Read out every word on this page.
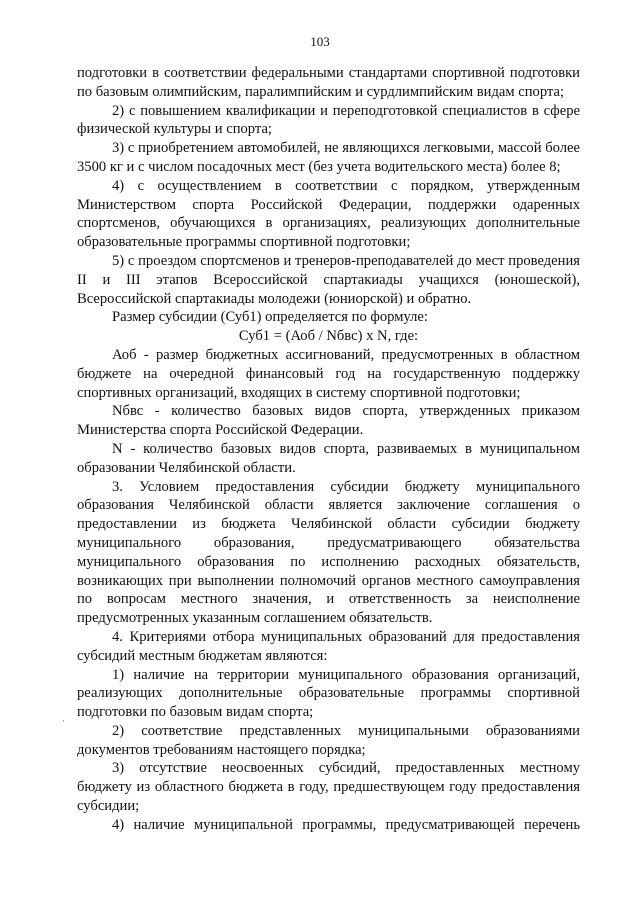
103
·

подготовки в соответствии федеральными стандартами спортивной подготовки по базовым олимпийским, паралимпийским и сурдлимпийским видам спорта;

2) с повышением квалификации и переподготовкой специалистов в сфере физической культуры и спорта;

3) с приобретением автомобилей, не являющихся легковыми, массой более 3500 кг и с числом посадочных мест (без учета водительского места) более 8;

4) с осуществлением в соответствии с порядком, утвержденным Министерством спорта Российской Федерации, поддержки одаренных спортсменов, обучающихся в организациях, реализующих дополнительные образовательные программы спортивной подготовки;

5) с проездом спортсменов и тренеров-преподавателей до мест проведения II и III этапов Всероссийской спартакиады учащихся (юношеской), Всероссийской спартакиады молодежи (юниорской) и обратно.

Размер субсидии (Суб1) определяется по формуле:

Суб1 = (Аоб / Nбвс) x N, где:

Аоб - размер бюджетных ассигнований, предусмотренных в областном бюджете на очередной финансовый год на государственную поддержку спортивных организаций, входящих в систему спортивной подготовки;

Nбвс - количество базовых видов спорта, утвержденных приказом Министерства спорта Российской Федерации.

N - количество базовых видов спорта, развиваемых в муниципальном образовании Челябинской области.

3. Условием предоставления субсидии бюджету муниципального образования Челябинской области является заключение соглашения о предоставлении из бюджета Челябинской области субсидии бюджету муниципального образования, предусматривающего обязательства муниципального образования по исполнению расходных обязательств, возникающих при выполнении полномочий органов местного самоуправления по вопросам местного значения, и ответственность за неисполнение предусмотренных указанным соглашением обязательств.

4. Критериями отбора муниципальных образований для предоставления субсидий местным бюджетам являются:

1) наличие на территории муниципального образования организаций, реализующих дополнительные образовательные программы спортивной подготовки по базовым видам спорта;

2) соответствие представленных муниципальными образованиями документов требованиям настоящего порядка;

3) отсутствие неосвоенных субсидий, предоставленных местному бюджету из областного бюджета в году, предшествующем году предоставления субсидии;

4) наличие муниципальной программы, предусматривающей перечень
